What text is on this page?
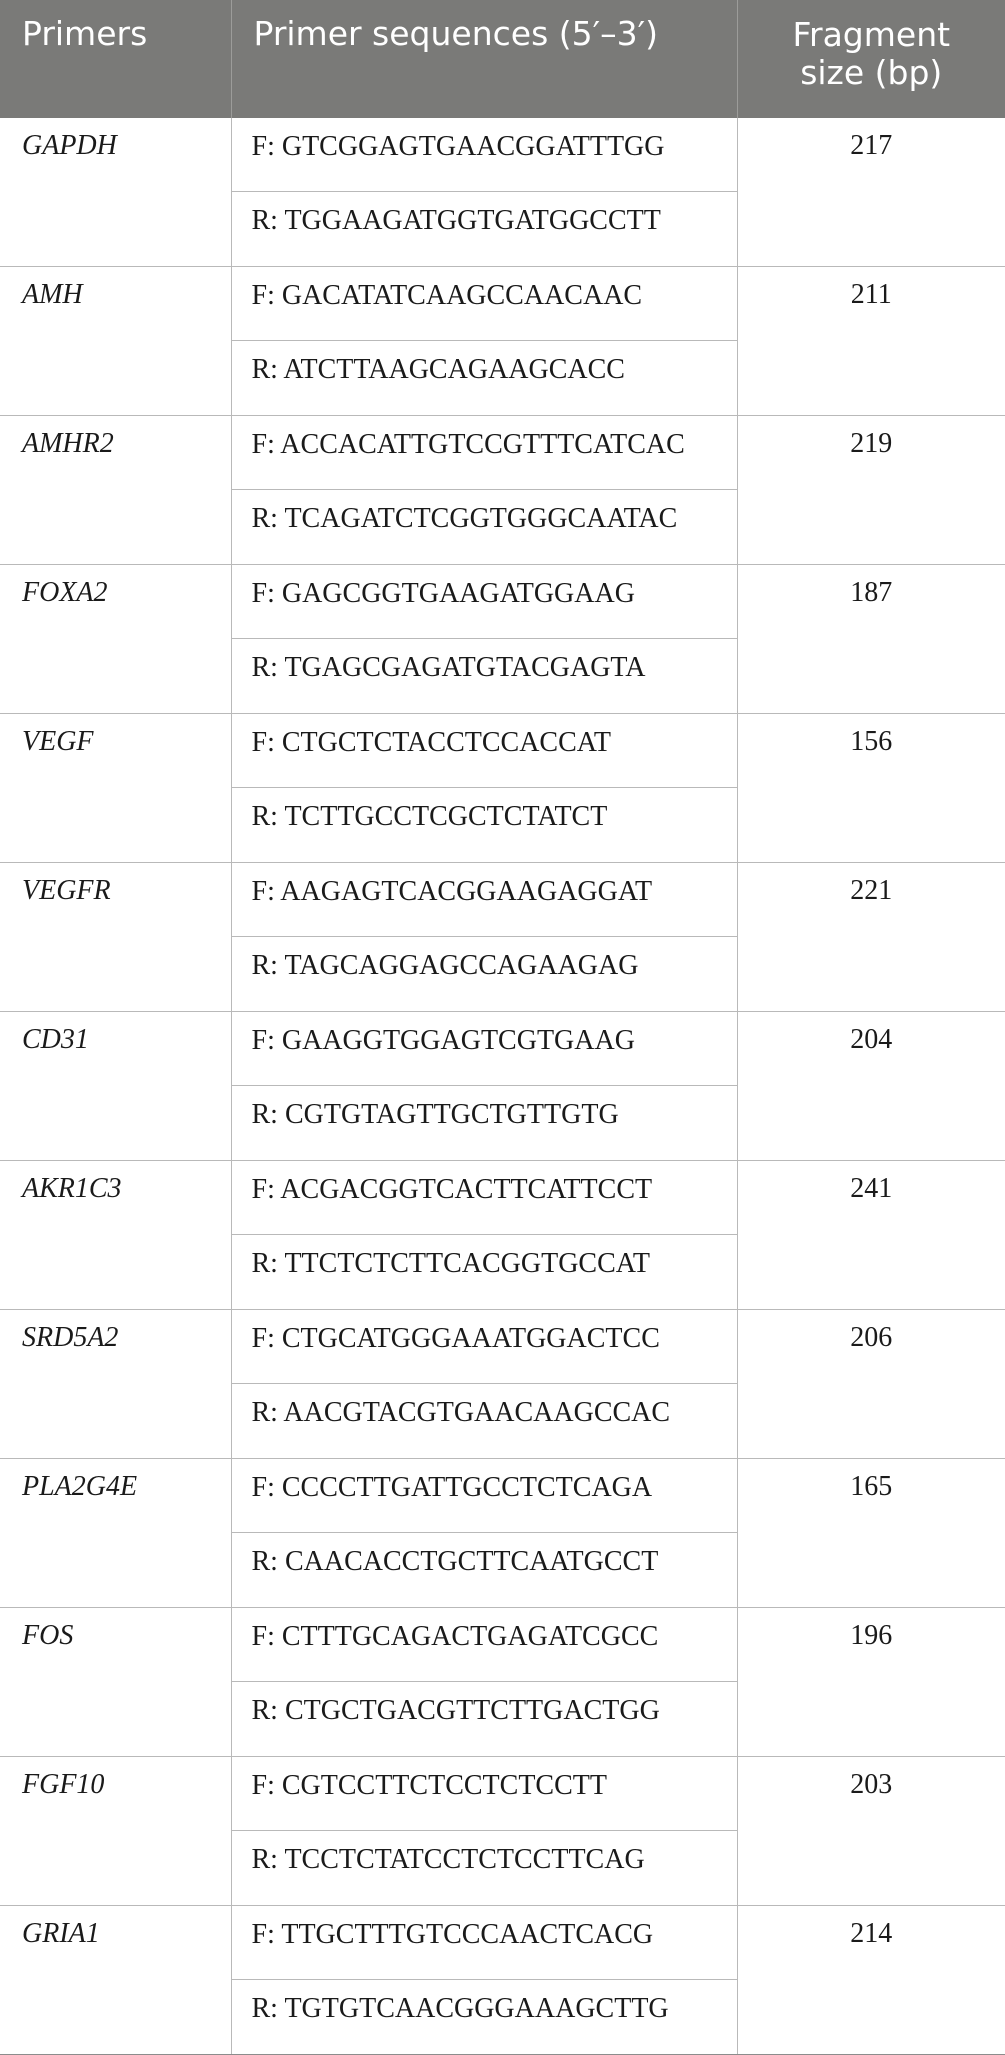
Primers	Primer sequences (5′–3′)	Fragment
size (bp)

GAPDH	F: GTCGGAGTGAACGGATTTGG	217
	R: TGGAAGATGGTGATGGCCTT	
AMH	F: GACATATCAAGCCAACAAC	211
	R: ATCTTAAGCAGAAGCACC	
AMHR2	F: ACCACATTGTCCGTTTCATCAC	219
	R: TCAGATCTCGGTGGGCAATAC	
FOXA2	F: GAGCGGTGAAGATGGAAG	187
	R: TGAGCGAGATGTACGAGTA	
VEGF	F: CTGCTCTACCTCCACCAT	156
	R: TCTTGCCTCGCTCTATCT	
VEGFR	F: AAGAGTCACGGAAGAGGAT	221
	R: TAGCAGGAGCCAGAAGAG	
CD31	F: GAAGGTGGAGTCGTGAAG	204
	R: CGTGTAGTTGCTGTTGTG	
AKR1C3	F: ACGACGGTCACTTCATTCCT	241
	R: TTCTCTCTTCACGGTGCCAT	
SRD5A2	F: CTGCATGGGAAATGGACTCC	206
	R: AACGTACGTGAACAAGCCAC	
PLA2G4E	F: CCCCTTGATTGCCTCTCAGA	165
	R: CAACACCTGCTTCAATGCCT	
FOS	F: CTTTGCAGACTGAGATCGCC	196
	R: CTGCTGACGTTCTTGACTGG	
FGF10	F: CGTCCTTCTCCTCTCCTT	203
	R: TCCTCTATCCTCTCCTTCAG	
GRIA1	F: TTGCTTTGTCCCAACTCACG	214
	R: TGTGTCAACGGGAAAGCTTG	
